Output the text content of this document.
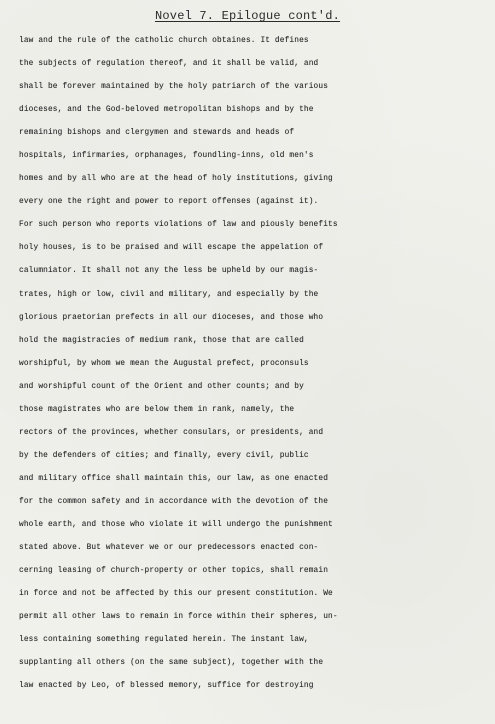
Novel 7. Epilogue cont'd.
law and the rule of the catholic church obtaines. It defines
the subjects of regulation thereof, and it shall be valid, and
shall be forever maintained by the holy patriarch of the various
dioceses, and the God-beloved metropolitan bishops and by the
remaining bishops and clergymen and stewards and heads of
hospitals, infirmaries, orphanages, foundling-inns, old men's
homes and by all who are at the head of holy institutions, giving
every one the right and power to report offenses (against it).
For such person who reports violations of law and piously benefits
holy houses, is to be praised and will escape the appelation of
calumniator. It shall not any the less be upheld by our magis-
trates, high or low, civil and military, and especially by the
glorious praetorian prefects in all our dioceses, and those who
hold the magistracies of medium rank, those that are called
worshipful, by whom we mean the Augustal prefect, proconsuls
and worshipful count of the Orient and other counts; and by
those magistrates who are below them in rank, namely, the
rectors of the provinces, whether consulars, or presidents, and
by the defenders of cities; and finally, every civil, public
and military office shall maintain this, our law, as one enacted
for the common safety and in accordance with the devotion of the
whole earth, and those who violate it will undergo the punishment
stated above. But whatever we or our predecessors enacted con-
cerning leasing of church-property or other topics, shall remain
in force and not be affected by this our present constitution. We
permit all other laws to remain in force within their spheres, un-
less containing something regulated herein. The instant law,
supplanting all others (on the same subject), together with the
law enacted by Leo, of blessed memory, suffice for destroying
